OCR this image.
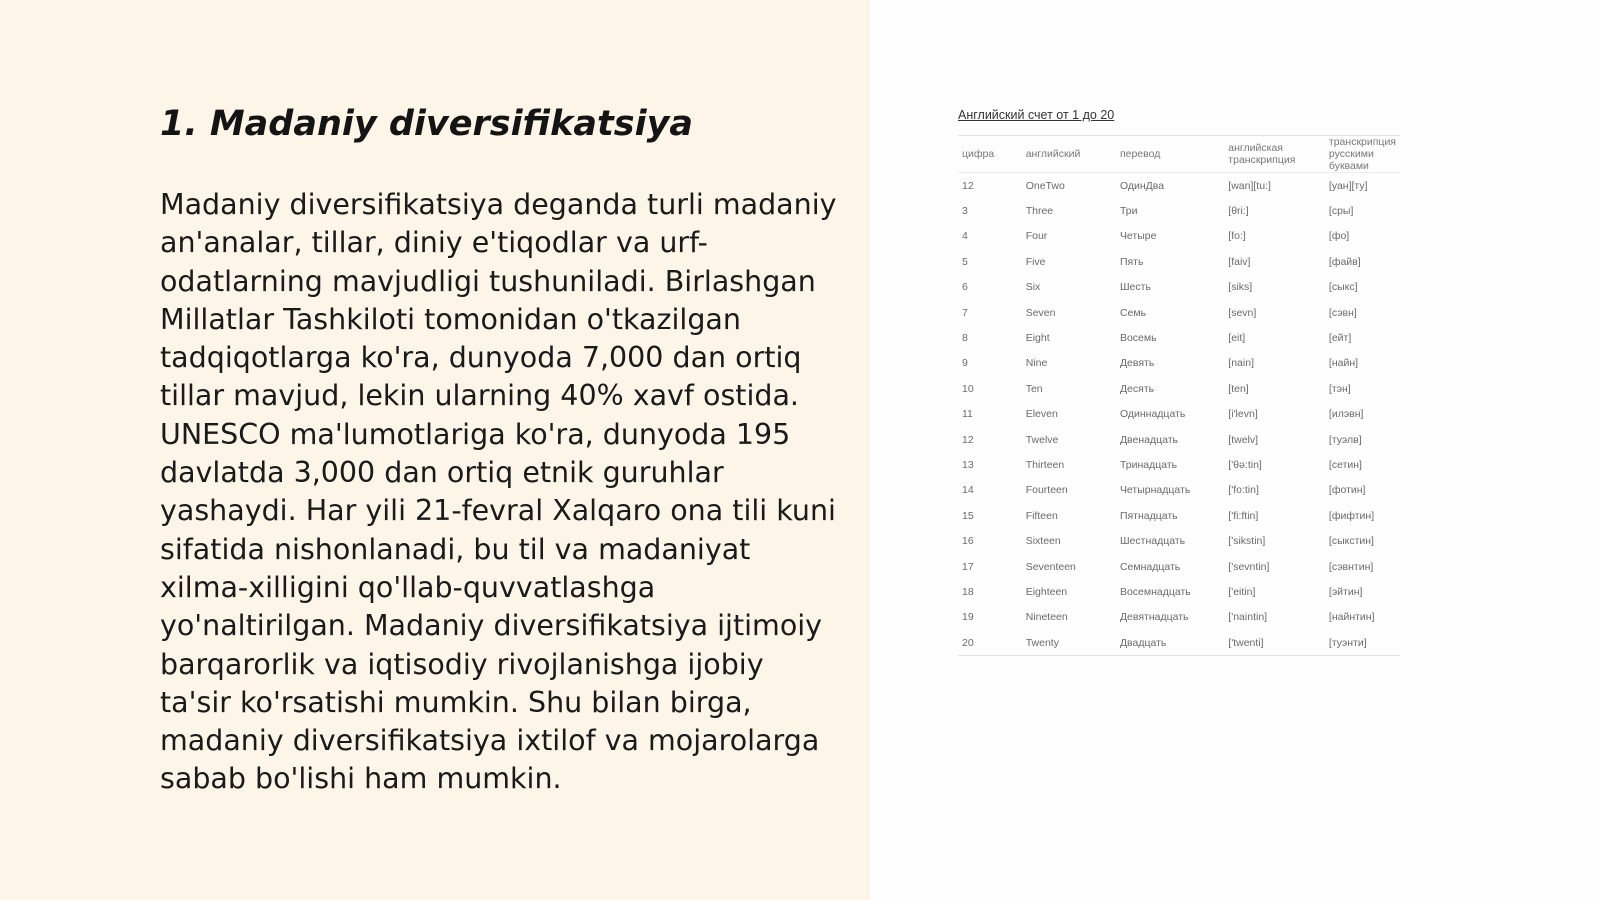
1. Madaniy diversifikatsiya

Madaniy diversifikatsiya deganda turli madaniy an'analar, tillar, diniy e'tiqodlar va urf-odatlarning mavjudligi tushuniladi. Birlashgan Millatlar Tashkiloti tomonidan o'tkazilgan tadqiqotlarga ko'ra, dunyoda 7,000 dan ortiq tillar mavjud, lekin ularning 40% xavf ostida. UNESCO ma'lumotlariga ko'ra, dunyoda 195 davlatda 3,000 dan ortiq etnik guruhlar yashaydi. Har yili 21-fevral Xalqaro ona tili kuni sifatida nishonlanadi, bu til va madaniyat xilma-xilligini qo'llab-quvvatlashga yo'naltirilgan. Madaniy diversifikatsiya ijtimoiy barqarorlik va iqtisodiy rivojlanishga ijobiy ta'sir ko'rsatishi mumkin. Shu bilan birga, madaniy diversifikatsiya ixtilof va mojarolarga sabab bo'lishi ham mumkin.

Английский счет от 1 до 20
цифра	английский	перевод	английская транскрипция	транскрипция русскими буквами
12	OneTwo	ОдинДва	[wan][tu:]	[уан][ту]
3	Three	Три	[θri:]	[сры]
4	Four	Четыре	[fo:]	[фо]
5	Five	Пять	[faiv]	[файв]
6	Six	Шесть	[siks]	[сыкс]
7	Seven	Семь	[sevn]	[сэвн]
8	Eight	Восемь	[eit]	[ейт]
9	Nine	Девять	[nain]	[найн]
10	Ten	Десять	[ten]	[тэн]
11	Eleven	Одиннадцать	[i'levn]	[илэвн]
12	Twelve	Двенадцать	[twelv]	[туэлв]
13	Thirteen	Тринадцать	['θə:tin]	[сетин]
14	Fourteen	Четырнадцать	['fo:tin]	[фотин]
15	Fifteen	Пятнадцать	['fi:ftin]	[фифтин]
16	Sixteen	Шестнадцать	['sikstin]	[сыкстин]
17	Seventeen	Семнадцать	['sevntin]	[сэвнтин]
18	Eighteen	Восемнадцать	['eitin]	[эйтин]
19	Nineteen	Девятнадцать	['naintin]	[найнтин]
20	Twenty	Двадцать	['twenti]	[туэнти]
